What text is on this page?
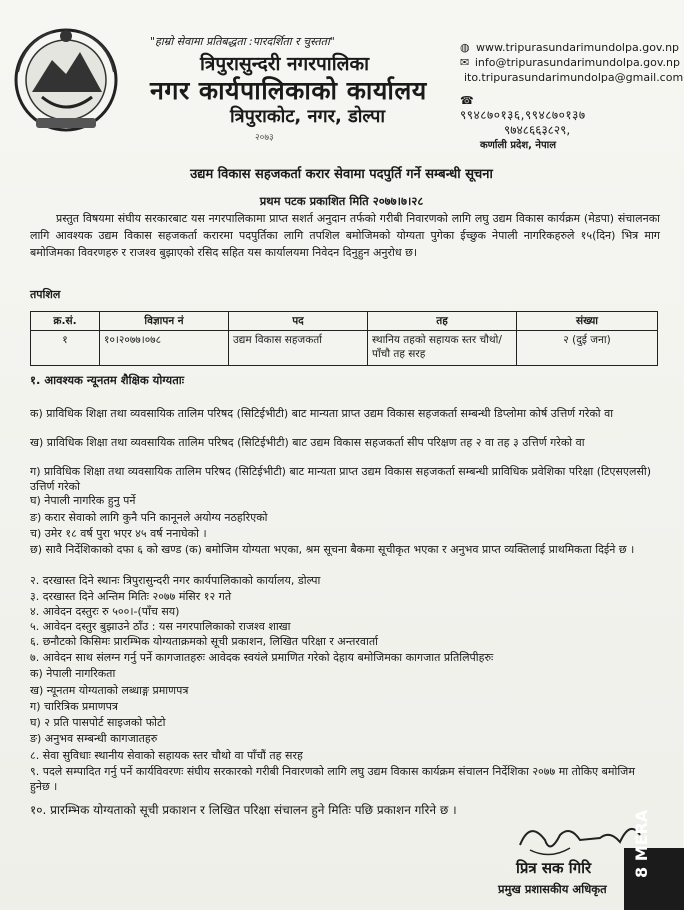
"हाम्रो सेवामा प्रतिबद्धता :पारदर्शिता र चुस्तता"
त्रिपुरासुन्दरी नगरपालिका
नगर कार्यपालिकाको कार्यालय
त्रिपुराकोट, नगर, डोल्पा
२०७३
◍ www.tripurasundarimundolpa.gov.np
✉ info@tripurasundarimundolpa.gov.np
ito.tripurasundarimundolpa@gmail.com
☎
९९४८७०१३६,९९४८७०१३७
९७४८६६३८२९,
कर्णाली प्रदेश, नेपाल
उद्यम विकास सहजकर्ता करार सेवामा पदपुर्ति गर्ने सम्बन्धी सूचना
प्रथम पटक प्रकाशित मिति २०७७।७।२८
प्रस्तुत विषयमा संघीय सरकारबाट यस नगरपालिकामा प्राप्त सशर्त अनुदान तर्फको गरीबी निवारणको लागि लघु उद्यम विकास कार्यक्रम (मेडपा) संचालनका लागि आवश्यक उद्यम विकास सहजकर्ता करारमा पदपुर्तिका लागि तपशिल बमोजिमको योग्यता पुगेका ईच्छुक नेपाली नागरिकहरुले १५(दिन) भित्र माग बमोजिमका विवरणहरु र राजश्व बुझाएको रसिद सहित यस कार्यालयमा निवेदन दिनुहुन अनुरोध छ।
तपशिल
क्र.सं.	विज्ञापन नं	पद	तह	संख्या
१	१०।२०७७।०७८	उद्यम विकास सहजकर्ता	स्थानिय तहको सहायक स्तर चौथो/ पाँचौ तह सरह	२ (दुई जना)
१. आवश्यक न्यूनतम शैक्षिक योग्यताः
क) प्राविधिक शिक्षा तथा व्यवसायिक तालिम परिषद (सिटिईभीटी) बाट मान्यता प्राप्त उद्यम विकास सहजकर्ता सम्बन्धी डिप्लोमा कोर्ष उत्तिर्ण गरेको वा
ख) प्राविधिक शिक्षा तथा व्यवसायिक तालिम परिषद (सिटिईभीटी) बाट उद्यम विकास सहजकर्ता सीप परिक्षण तह २ वा तह ३ उत्तिर्ण गरेको वा
ग) प्राविधिक शिक्षा तथा व्यवसायिक तालिम परिषद (सिटिईभीटी) बाट मान्यता प्राप्त उद्यम विकास सहजकर्ता सम्बन्धी प्राविधिक प्रवेशिका परिक्षा (टिएसएलसी) उत्तिर्ण गरेको
घ) नेपाली नागरिक हुनु पर्ने
ङ) करार सेवाको लागि कुनै पनि कानूनले अयोग्य नठहरिएको
च) उमेर १८ वर्ष पुरा भएर ४५ वर्ष ननाघेको ।
छ) सावै निर्देशिकाको दफा ६ को खण्ड (क) बमोजिम योग्यता भएका, श्रम सूचना बैकमा सूचीकृत भएका र अनुभव प्राप्त व्यक्तिलाई प्राथमिकता दिईने छ ।
२. दरखास्त दिने स्थानः त्रिपुरासुन्दरी नगर कार्यपालिकाको कार्यालय, डोल्पा
३. दरखास्त दिने अन्तिम मितिः २०७७ मंसिर १२ गते
४. आवेदन दस्तुरः रु ५००।-(पाँच सय)
५. आवेदन दस्तुर बुझाउने ठाँउ : यस नगरपालिकाको राजश्व शाखा
६. छनौटको किसिमः प्रारम्भिक योग्यताक्रमको सूची प्रकाशन, लिखित परिक्षा र अन्तरवार्ता
७. आवेदन साथ संलग्न गर्नु पर्ने कागजातहरुः आवेदक स्वयंले प्रमाणित गरेको देहाय बमोजिमका कागजात प्रतिलिपीहरुः
क) नेपाली नागरिकता
ख) न्यूनतम योग्यताको लब्धाङ्ग प्रमाणपत्र
ग) चारित्रिक प्रमाणपत्र
घ) २ प्रति पासपोर्ट साइजको फोटो
ङ) अनुभव सम्बन्धी कागजातहरु
८. सेवा सुविधाः स्थानीय सेवाको सहायक स्तर चौथो वा पाँचौं तह सरह
९. पदले सम्पादित गर्नु पर्ने कार्यविवरणः संघीय सरकारको गरीबी निवारणको लागि लघु उद्यम विकास कार्यक्रम संचालन निर्देशिका २०७७ मा तोकिए बमोजिम हुनेछ ।
१०. प्रारम्भिक योग्यताको सूची प्रकाशन र लिखित परिक्षा संचालन हुने मितिः पछि प्रकाशन गरिने छ ।
प्रित्र सक गिरि
प्रमुख प्रशासकीय अधिकृत
8 MERA
